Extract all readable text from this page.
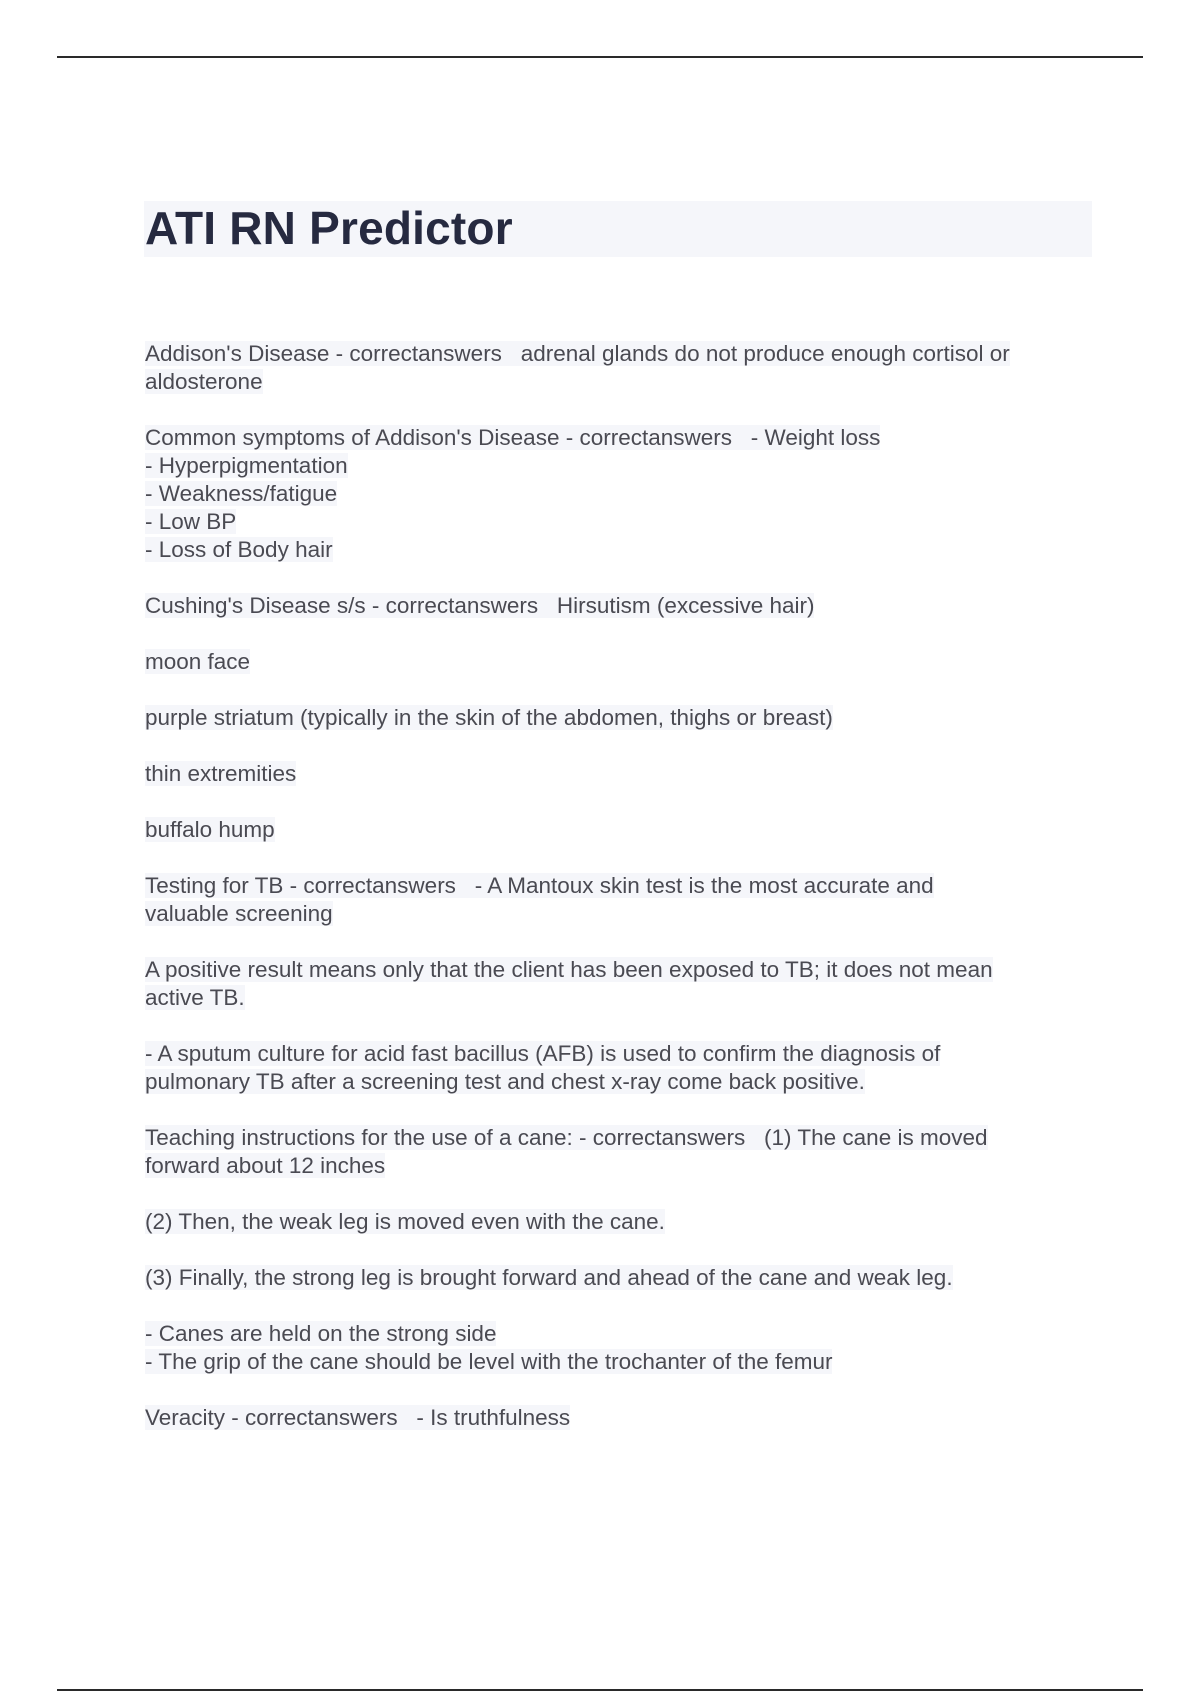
ATI RN Predictor
Addison's Disease - correctanswers   adrenal glands do not produce enough cortisol or
aldosterone
Common symptoms of Addison's Disease - correctanswers   - Weight loss
- Hyperpigmentation
- Weakness/fatigue
- Low BP
- Loss of Body hair
Cushing's Disease s/s - correctanswers   Hirsutism (excessive hair)
moon face
purple striatum (typically in the skin of the abdomen, thighs or breast)
thin extremities
buffalo hump
Testing for TB - correctanswers   - A Mantoux skin test is the most accurate and
valuable screening
A positive result means only that the client has been exposed to TB; it does not mean
active TB.
- A sputum culture for acid fast bacillus (AFB) is used to confirm the diagnosis of
pulmonary TB after a screening test and chest x-ray come back positive.
Teaching instructions for the use of a cane: - correctanswers   (1) The cane is moved
forward about 12 inches
(2) Then, the weak leg is moved even with the cane.
(3) Finally, the strong leg is brought forward and ahead of the cane and weak leg.
- Canes are held on the strong side
- The grip of the cane should be level with the trochanter of the femur
Veracity - correctanswers   - Is truthfulness
